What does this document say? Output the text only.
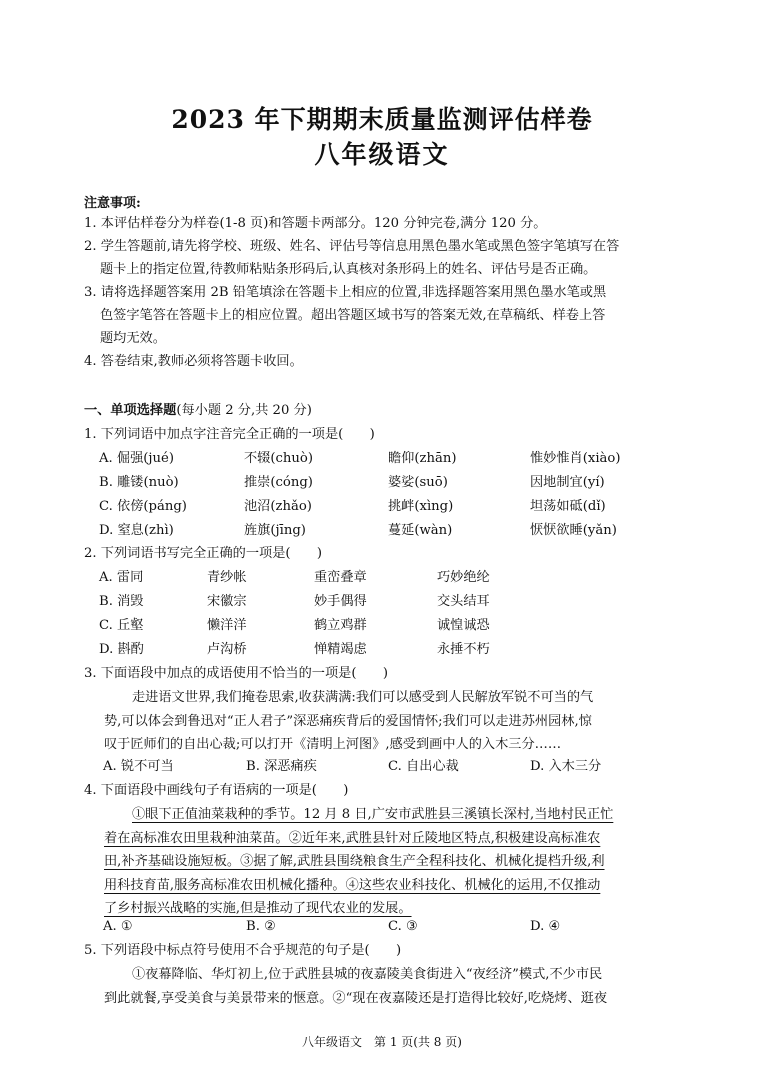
2023 年下期期末质量监测评估样卷
八年级语文
注意事项:
1. 本评估样卷分为样卷(1-8 页)和答题卡两部分。120 分钟完卷,满分 120 分。
2. 学生答题前,请先将学校、班级、姓名、评估号等信息用黑色墨水笔或黑色签字笔填写在答
题卡上的指定位置,待教师粘贴条形码后,认真核对条形码上的姓名、评估号是否正确。
3. 请将选择题答案用 2B 铅笔填涂在答题卡上相应的位置,非选择题答案用黑色墨水笔或黑
色签字笔答在答题卡上的相应位置。超出答题区域书写的答案无效,在草稿纸、样卷上答
题均无效。
4. 答卷结束,教师必须将答题卡收回。
一、单项选择题(每小题 2 分,共 20 分)
1. 下列词语中加点字注音完全正确的一项是(　　)
A. 倔强(jué)	不辍(chuò)	瞻仰(zhān)	惟妙惟肖(xiào)
B. 雕镂(nuò)	推崇(cóng)	婆娑(suō)	因地制宜(yí)
C. 依傍(páng)	池沼(zhǎo)	挑衅(xìng)	坦荡如砥(dǐ)
D. 窒息(zhì)	旌旗(jīng)	蔓延(wàn)	恹恹欲睡(yǎn)
2. 下列词语书写完全正确的一项是(　　)
A. 雷同	青纱帐	重峦叠章	巧妙绝纶
B. 消毁	宋徽宗	妙手偶得	交头结耳
C. 丘壑	懒洋洋	鹤立鸡群	诚惶诚恐
D. 斟酌	卢沟桥	惮精竭虑	永捶不朽
3. 下面语段中加点的成语使用不恰当的一项是(　　)
走进语文世界,我们掩卷思索,收获满满:我们可以感受到人民解放军锐不可当的气
势,可以体会到鲁迅对“正人君子”深恶痛疾背后的爱国情怀;我们可以走进苏州园林,惊
叹于匠师们的自出心裁;可以打开《清明上河图》,感受到画中人的入木三分……
A. 锐不可当	B. 深恶痛疾	C. 自出心裁	D. 入木三分
4. 下面语段中画线句子有语病的一项是(　　)
①眼下正值油菜栽种的季节。12 月 8 日,广安市武胜县三溪镇长深村,当地村民正忙
着在高标准农田里栽种油菜苗。②近年来,武胜县针对丘陵地区特点,积极建设高标准农
田,补齐基础设施短板。③据了解,武胜县围绕粮食生产全程科技化、机械化提档升级,利
用科技育苗,服务高标准农田机械化播种。④这些农业科技化、机械化的运用,不仅推动
了乡村振兴战略的实施,但是推动了现代农业的发展。
A. ①	B. ②	C. ③	D. ④
5. 下列语段中标点符号使用不合乎规范的句子是(　　)
①夜幕降临、华灯初上,位于武胜县城的夜嘉陵美食街进入“夜经济”模式,不少市民
到此就餐,享受美食与美景带来的惬意。②“现在夜嘉陵还是打造得比较好,吃烧烤、逛夜
八年级语文　第 1 页(共 8 页)
